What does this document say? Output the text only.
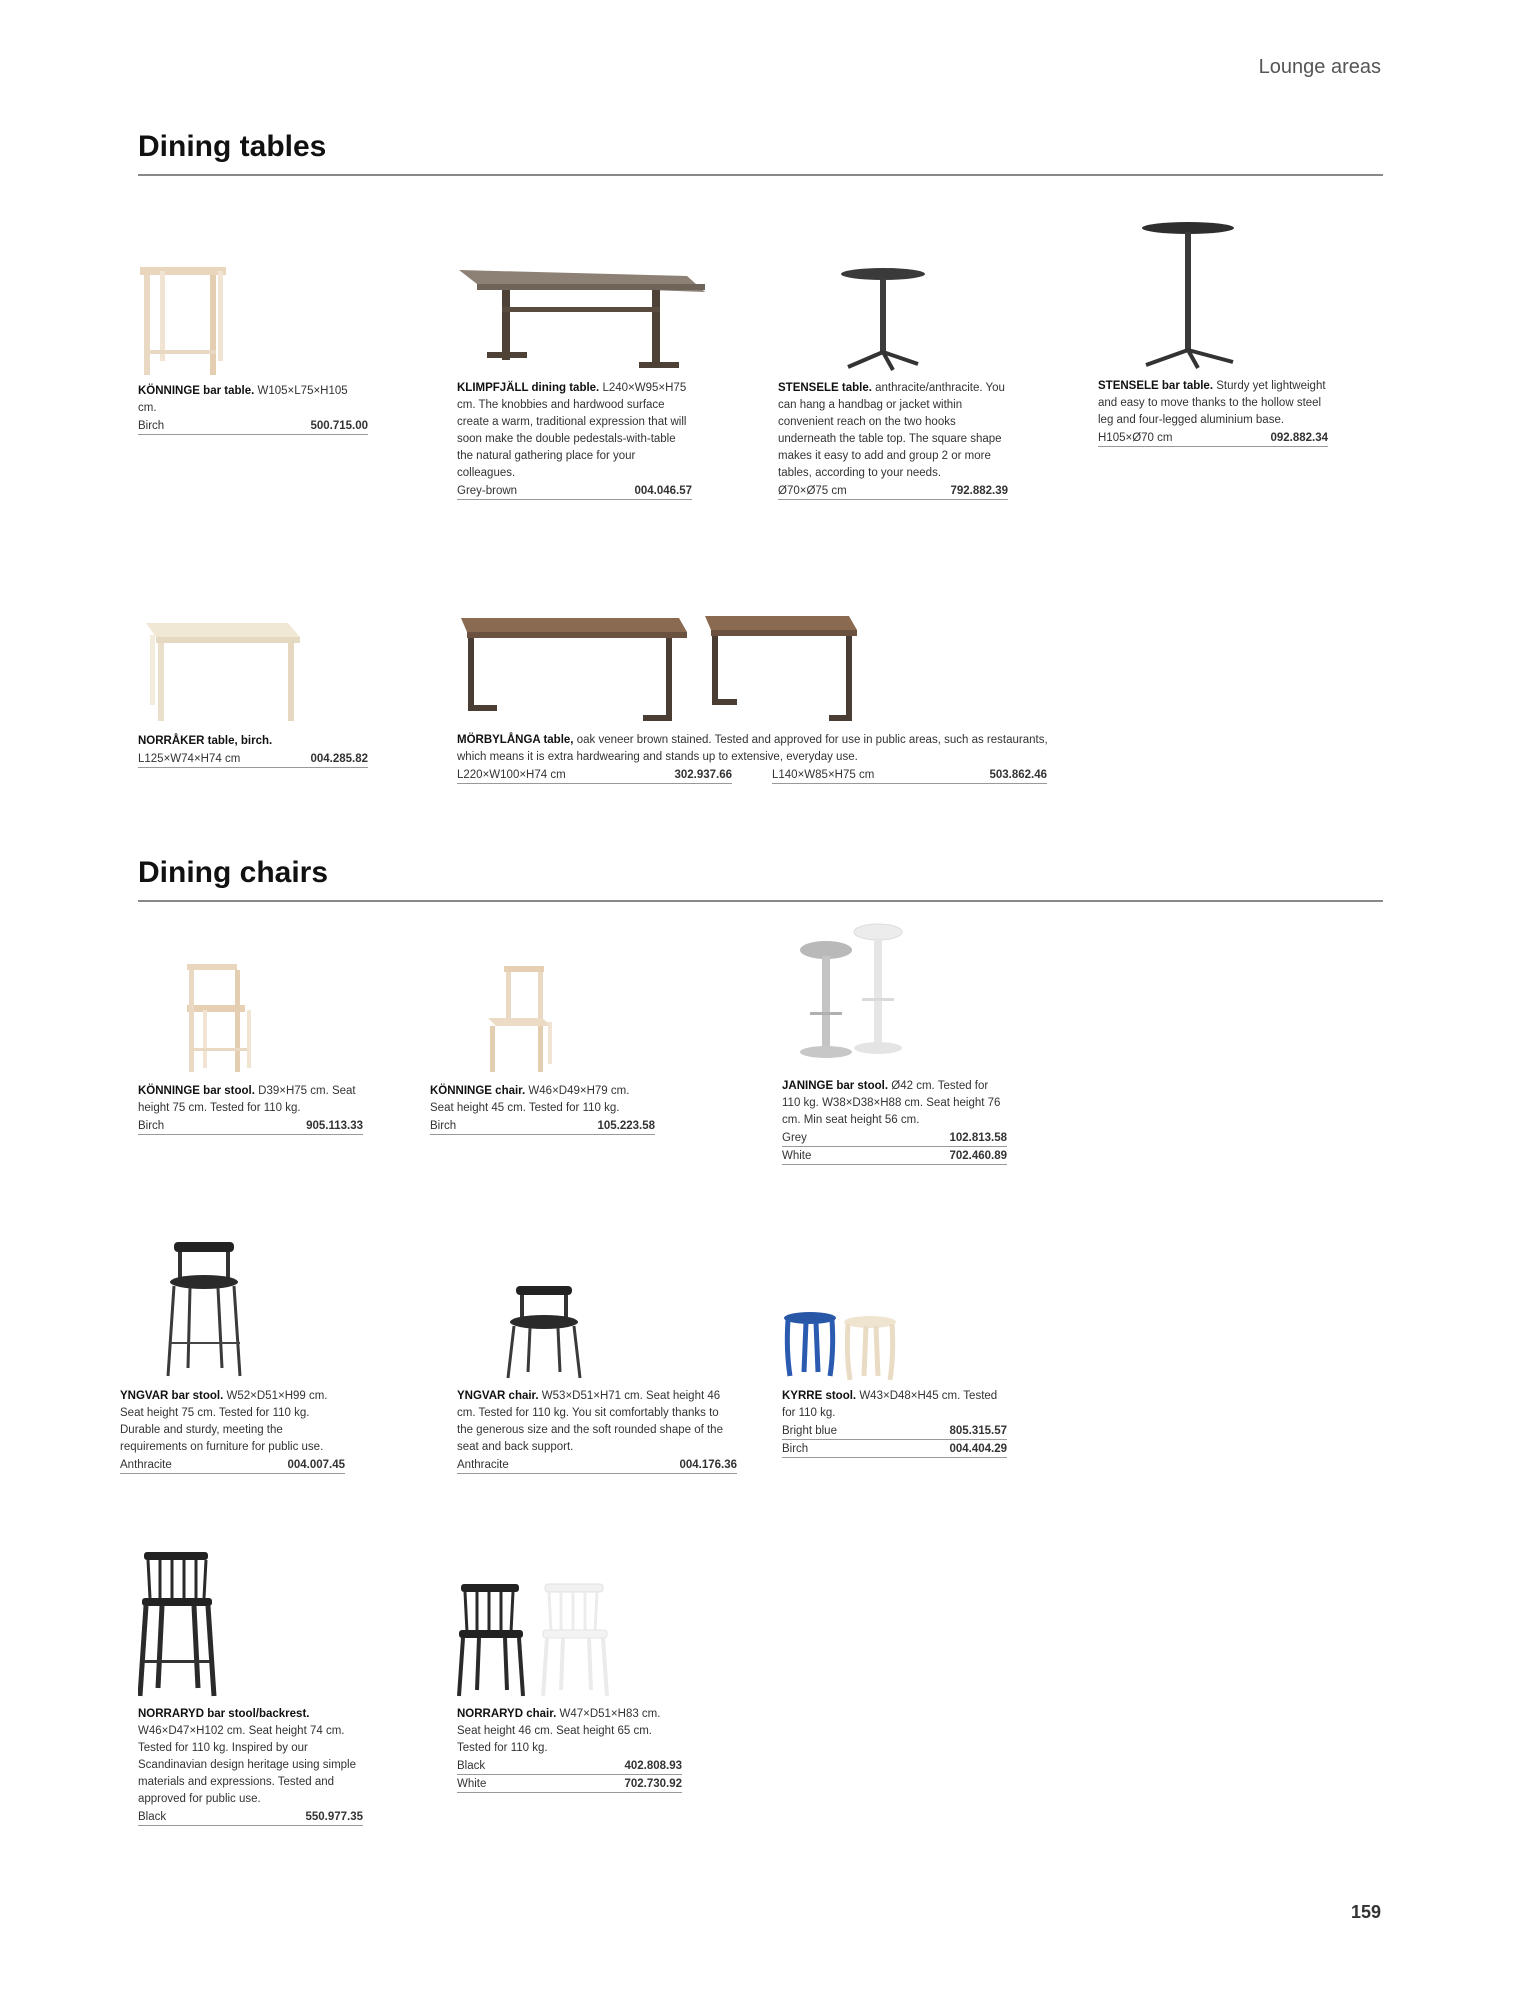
Lounge areas
Dining tables
KÖNNINGE bar table. W105×L75×H105 cm.
Birch	500.715.00
KLIMPFJÄLL dining table. L240×W95×H75 cm. The knobbies and hardwood surface create a warm, traditional expression that will soon make the double pedestals-with-table the natural gathering place for your colleagues.
Grey-brown	004.046.57
STENSELE table. anthracite/anthracite. You can hang a handbag or jacket within convenient reach on the two hooks underneath the table top. The square shape makes it easy to add and group 2 or more tables, according to your needs.
Ø70×Ø75 cm	792.882.39
STENSELE bar table. Sturdy yet lightweight and easy to move thanks to the hollow steel leg and four-legged aluminium base.
H105×Ø70 cm	092.882.34
NORRÅKER table, birch.
L125×W74×H74 cm	004.285.82
MÖRBYLÅNGA table, oak veneer brown stained. Tested and approved for use in public areas, such as restaurants, which means it is extra hardwearing and stands up to extensive, everyday use.
L220×W100×H74 cm	302.937.66	L140×W85×H75 cm	503.862.46
Dining chairs
KÖNNINGE bar stool. D39×H75 cm. Seat height 75 cm. Tested for 110 kg.
Birch	905.113.33
KÖNNINGE chair. W46×D49×H79 cm. Seat height 45 cm. Tested for 110 kg.
Birch	105.223.58
JANINGE bar stool. Ø42 cm. Tested for 110 kg. W38×D38×H88 cm. Seat height 76 cm. Min seat height 56 cm.
Grey	102.813.58
White	702.460.89
YNGVAR bar stool. W52×D51×H99 cm. Seat height 75 cm. Tested for 110 kg. Durable and sturdy, meeting the requirements on furniture for public use.
Anthracite	004.007.45
YNGVAR chair. W53×D51×H71 cm. Seat height 46 cm. Tested for 110 kg. You sit comfortably thanks to the generous size and the soft rounded shape of the seat and back support.
Anthracite	004.176.36
KYRRE stool. W43×D48×H45 cm. Tested for 110 kg.
Bright blue	805.315.57
Birch	004.404.29
NORRARYD bar stool/backrest. W46×D47×H102 cm. Seat height 74 cm. Tested for 110 kg. Inspired by our Scandinavian design heritage using simple materials and expressions. Tested and approved for public use.
Black	550.977.35
NORRARYD chair. W47×D51×H83 cm. Seat height 46 cm. Seat height 65 cm. Tested for 110 kg.
Black	402.808.93
White	702.730.92
159
